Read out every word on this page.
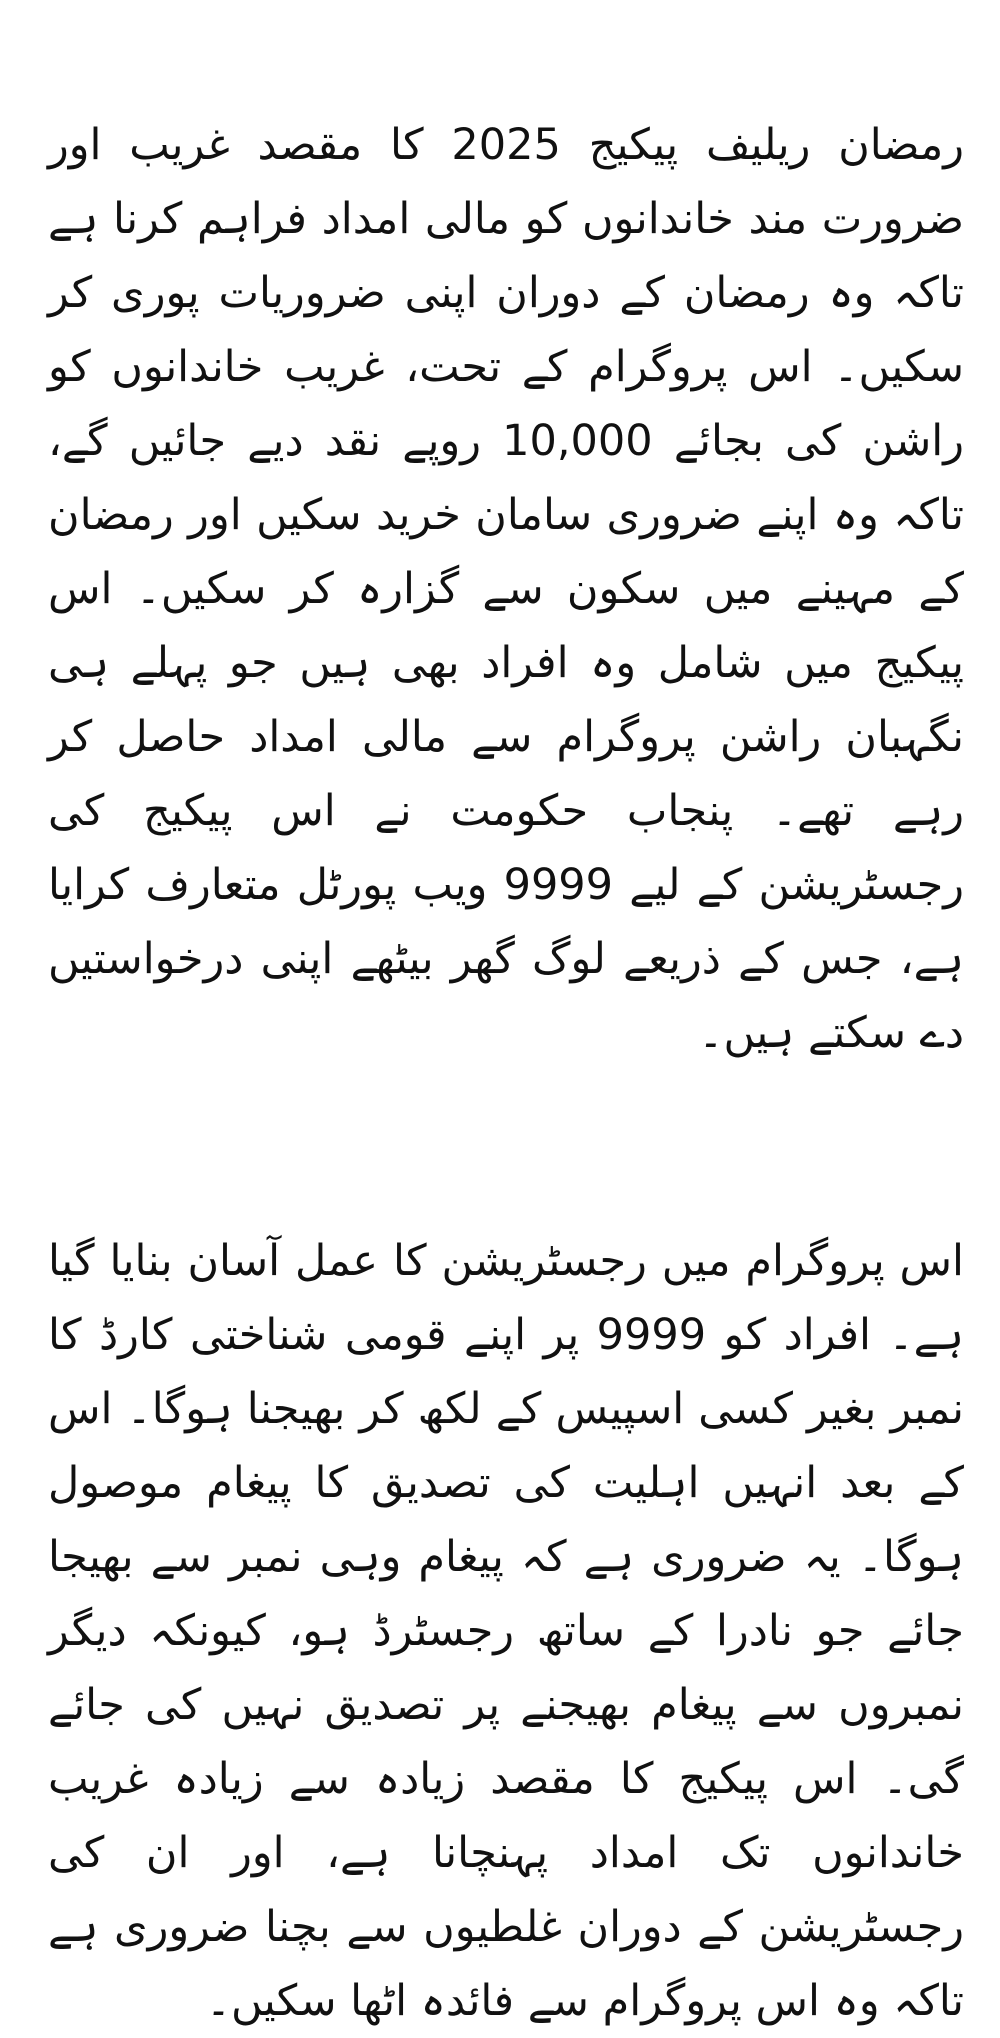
رمضان ریلیف پیکیج 2025 کا مقصد غریب اور ضرورت مند خاندانوں کو مالی امداد فراہم کرنا ہے تاکہ وہ رمضان کے دوران اپنی ضروریات پوری کر سکیں۔ اس پروگرام کے تحت، غریب خاندانوں کو راشن کی بجائے 10,000 روپے نقد دیے جائیں گے، تاکہ وہ اپنے ضروری سامان خرید سکیں اور رمضان کے مہینے میں سکون سے گزارہ کر سکیں۔ اس پیکیج میں شامل وہ افراد بھی ہیں جو پہلے ہی نگہبان راشن پروگرام سے مالی امداد حاصل کر رہے تھے۔ پنجاب حکومت نے اس پیکیج کی رجسٹریشن کے لیے 9999 ویب پورٹل متعارف کرایا ہے، جس کے ذریعے لوگ گھر بیٹھے اپنی درخواستیں دے سکتے ہیں۔

اس پروگرام میں رجسٹریشن کا عمل آسان بنایا گیا ہے۔ افراد کو 9999 پر اپنے قومی شناختی کارڈ کا نمبر بغیر کسی اسپیس کے لکھ کر بھیجنا ہوگا۔ اس کے بعد انہیں اہلیت کی تصدیق کا پیغام موصول ہوگا۔ یہ ضروری ہے کہ پیغام وہی نمبر سے بھیجا جائے جو نادرا کے ساتھ رجسٹرڈ ہو، کیونکہ دیگر نمبروں سے پیغام بھیجنے پر تصدیق نہیں کی جائے گی۔ اس پیکیج کا مقصد زیادہ سے زیادہ غریب خاندانوں تک امداد پہنچانا ہے، اور ان کی رجسٹریشن کے دوران غلطیوں سے بچنا ضروری ہے تاکہ وہ اس پروگرام سے فائدہ اٹھا سکیں۔
